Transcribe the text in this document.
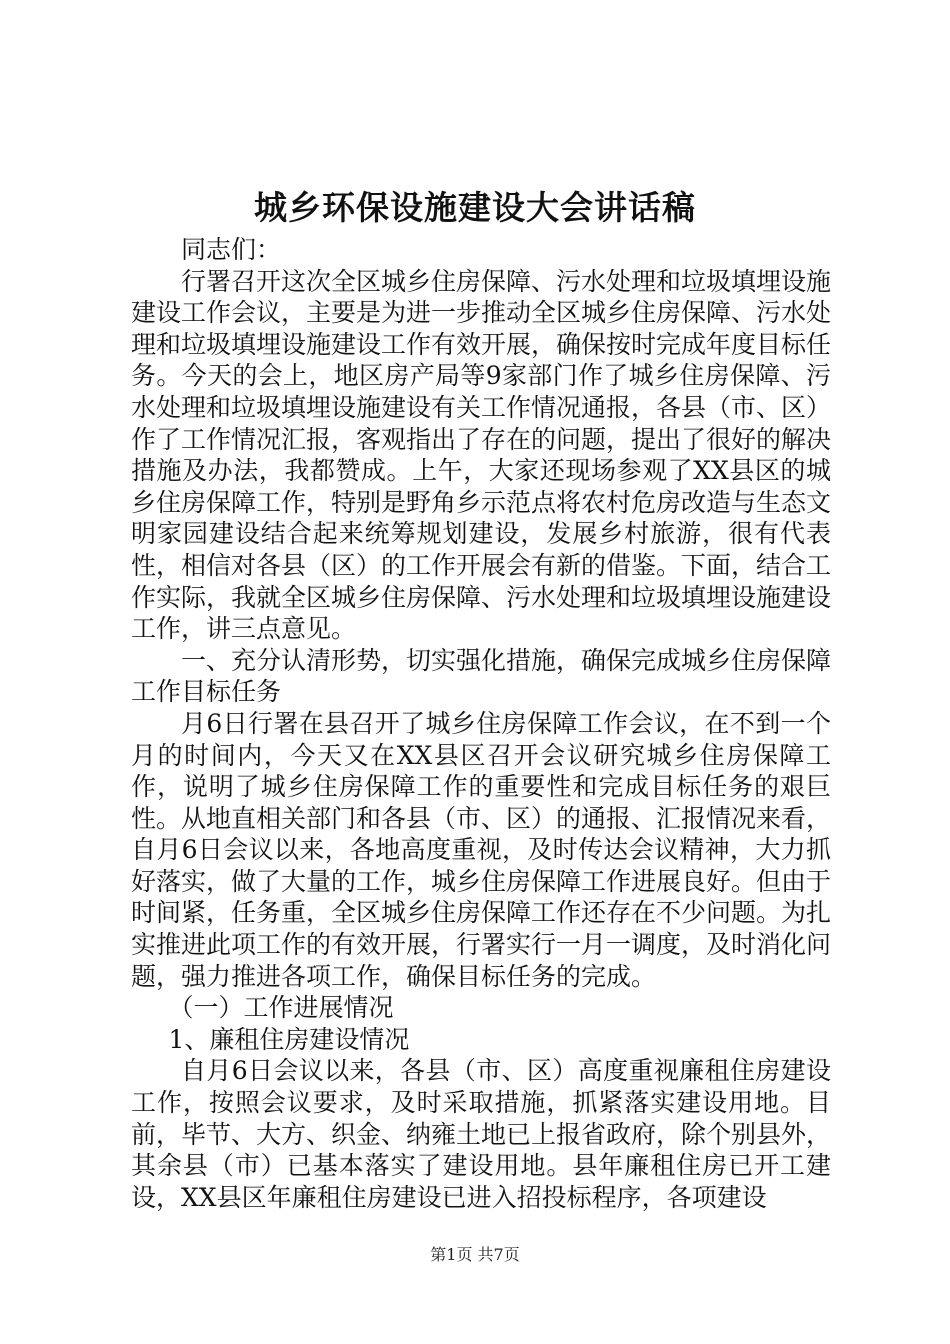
城乡环保设施建设大会讲话稿

同志们：

行署召开这次全区城乡住房保障、污水处理和垃圾填埋设施建设工作会议，主要是为进一步推动全区城乡住房保障、污水处理和垃圾填埋设施建设工作有效开展，确保按时完成年度目标任务。今天的会上，地区房产局等9家部门作了城乡住房保障、污水处理和垃圾填埋设施建设有关工作情况通报，各县（市、区）作了工作情况汇报，客观指出了存在的问题，提出了很好的解决措施及办法，我都赞成。上午，大家还现场参观了XX县区的城乡住房保障工作，特别是野角乡示范点将农村危房改造与生态文明家园建设结合起来统筹规划建设，发展乡村旅游，很有代表性，相信对各县（区）的工作开展会有新的借鉴。下面，结合工作实际，我就全区城乡住房保障、污水处理和垃圾填埋设施建设工作，讲三点意见。

一、充分认清形势，切实强化措施，确保完成城乡住房保障工作目标任务

月6日行署在县召开了城乡住房保障工作会议，在不到一个月的时间内，今天又在XX县区召开会议研究城乡住房保障工作，说明了城乡住房保障工作的重要性和完成目标任务的艰巨性。从地直相关部门和各县（市、区）的通报、汇报情况来看，自月6日会议以来，各地高度重视，及时传达会议精神，大力抓好落实，做了大量的工作，城乡住房保障工作进展良好。但由于时间紧，任务重，全区城乡住房保障工作还存在不少问题。为扎实推进此项工作的有效开展，行署实行一月一调度，及时消化问题，强力推进各项工作，确保目标任务的完成。

（一）工作进展情况

1、廉租住房建设情况

自月6日会议以来，各县（市、区）高度重视廉租住房建设工作，按照会议要求，及时采取措施，抓紧落实建设用地。目前，毕节、大方、织金、纳雍土地已上报省政府，除个别县外，其余县（市）已基本落实了建设用地。县年廉租住房已开工建设，XX县区年廉租住房建设已进入招投标程序，各项建设

第1页 共7页
